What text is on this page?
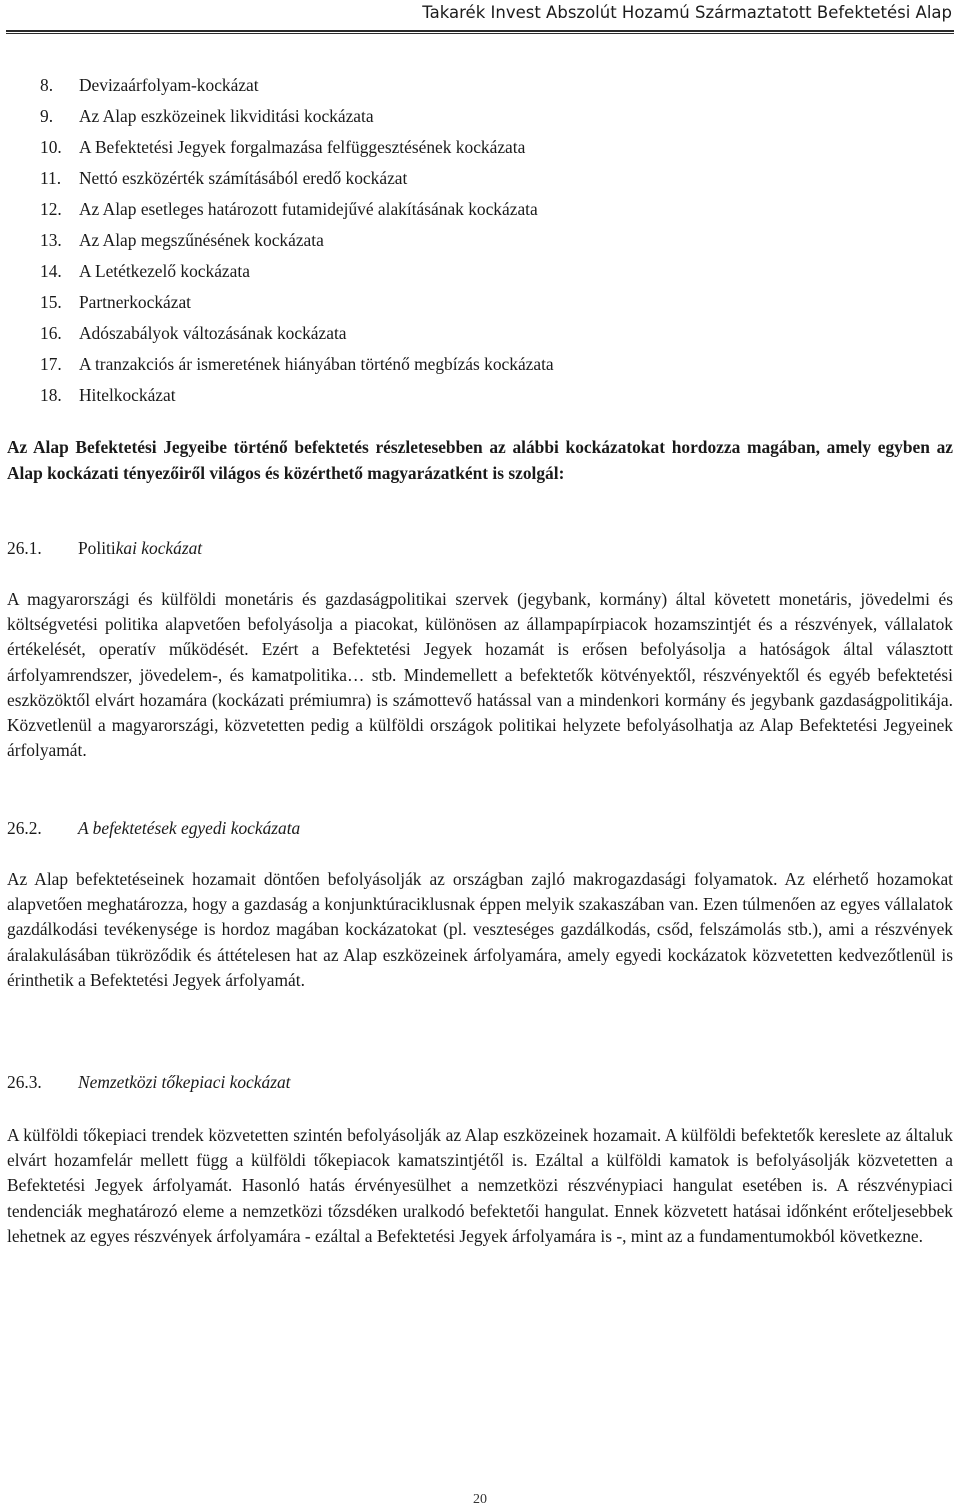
Takarék Invest Abszolút Hozamú Származtatott Befektetési Alap
8. Devizaárfolyam-kockázat
9. Az Alap eszközeinek likviditási kockázata
10. A Befektetési Jegyek forgalmazása felfüggesztésének kockázata
11. Nettó eszközérték számításából eredő kockázat
12. Az Alap esetleges határozott futamidejűvé alakításának kockázata
13. Az Alap megszűnésének kockázata
14. A Letétkezelő kockázata
15. Partnerkockázat
16. Adószabályok változásának kockázata
17. A tranzakciós ár ismeretének hiányában történő megbízás kockázata
18. Hitelkockázat

Az Alap Befektetési Jegyeibe történő befektetés részletesebben az alábbi kockázatokat hordozza magában, amely egyben az Alap kockázati tényezőiről világos és közérthető magyarázatként is szolgál:

26.1. Politikai kockázat

A magyarországi és külföldi monetáris és gazdaságpolitikai szervek (jegybank, kormány) által követett monetáris, jövedelmi és költségvetési politika alapvetően befolyásolja a piacokat, különösen az állampapírpiacok hozamszintjét és a részvények, vállalatok értékelését, operatív működését. Ezért a Befektetési Jegyek hozamát is erősen befolyásolja a hatóságok által választott árfolyamrendszer, jövedelem-, és kamatpolitika… stb. Mindemellett a befektetők kötvényektől, részvényektől és egyéb befektetési eszközöktől elvárt hozamára (kockázati prémiumra) is számottevő hatással van a mindenkori kormány és jegybank gazdaságpolitikája. Közvetlenül a magyarországi, közvetetten pedig a külföldi országok politikai helyzete befolyásolhatja az Alap Befektetési Jegyeinek árfolyamát.

26.2. A befektetések egyedi kockázata

Az Alap befektetéseinek hozamait döntően befolyásolják az országban zajló makrogazdasági folyamatok. Az elérhető hozamokat alapvetően meghatározza, hogy a gazdaság a konjunktúraciklusnak éppen melyik szakaszában van. Ezen túlmenően az egyes vállalatok gazdálkodási tevékenysége is hordoz magában kockázatokat (pl. veszteséges gazdálkodás, csőd, felszámolás stb.), ami a részvények áralakulásában tükröződik és áttételesen hat az Alap eszközeinek árfolyamára, amely egyedi kockázatok közvetetten kedvezőtlenül is érinthetik a Befektetési Jegyek árfolyamát.

26.3. Nemzetközi tőkepiaci kockázat

A külföldi tőkepiaci trendek közvetetten szintén befolyásolják az Alap eszközeinek hozamait. A külföldi befektetők kereslete az általuk elvárt hozamfelár mellett függ a külföldi tőkepiacok kamatszintjétől is. Ezáltal a külföldi kamatok is befolyásolják közvetetten a Befektetési Jegyek árfolyamát. Hasonló hatás érvényesülhet a nemzetközi részvénypiaci hangulat esetében is. A részvénypiaci tendenciák meghatározó eleme a nemzetközi tőzsdéken uralkodó befektetői hangulat. Ennek közvetett hatásai időnként erőteljesebbek lehetnek az egyes részvények árfolyamára - ezáltal a Befektetési Jegyek árfolyamára is -, mint az a fundamentumokból következne.

20
